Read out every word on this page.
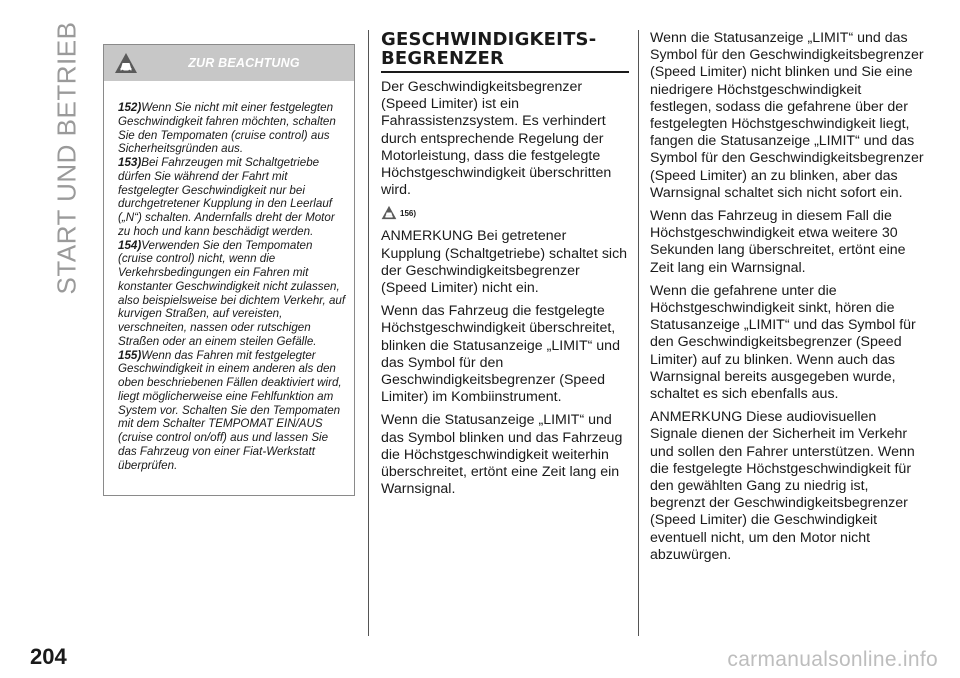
START UND BETRIEB	ZUR BEACHTUNG

152)Wenn Sie nicht mit einer festgelegten Geschwindigkeit fahren möchten, schalten Sie den Tempomaten (cruise control) aus Sicherheitsgründen aus.

153)Bei Fahrzeugen mit Schaltgetriebe dürfen Sie während der Fahrt mit festgelegter Geschwindigkeit nur bei durchgetretener Kupplung in den Leerlauf („N“) schalten. Andernfalls dreht der Motor zu hoch und kann beschädigt werden.

154)Verwenden Sie den Tempomaten (cruise control) nicht, wenn die Verkehrsbedingungen ein Fahren mit konstanter Geschwindigkeit nicht zulassen, also beispielsweise bei dichtem Verkehr, auf kurvigen Straßen, auf vereisten, verschneiten, nassen oder rutschigen Straßen oder an einem steilen Gefälle.

155)Wenn das Fahren mit festgelegter Geschwindigkeit in einem anderen als den oben beschriebenen Fällen deaktiviert wird, liegt möglicherweise eine Fehlfunktion am System vor. Schalten Sie den Tempomaten mit dem Schalter TEMPOMAT EIN/AUS (cruise control on/off) aus und lassen Sie das Fahrzeug von einer Fiat-Werkstatt überprüfen.

GESCHWINDIGKEITS-
BEGRENZER

Der Geschwindigkeitsbegrenzer (Speed Limiter) ist ein Fahrassistenzsystem. Es verhindert durch entsprechende Regelung der Motorleistung, dass die festgelegte Höchstgeschwindigkeit überschritten wird.

156)

ANMERKUNG Bei getretener Kupplung (Schaltgetriebe) schaltet sich der Geschwindigkeitsbegrenzer (Speed Limiter) nicht ein.

Wenn das Fahrzeug die festgelegte Höchstgeschwindigkeit überschreitet, blinken die Statusanzeige „LIMIT“ und das Symbol für den Geschwindigkeitsbegrenzer (Speed Limiter) im Kombiinstrument.

Wenn die Statusanzeige „LIMIT“ und das Symbol blinken und das Fahrzeug die Höchstgeschwindigkeit weiterhin überschreitet, ertönt eine Zeit lang ein Warnsignal.

Wenn die Statusanzeige „LIMIT“ und das Symbol für den Geschwindigkeitsbegrenzer (Speed Limiter) nicht blinken und Sie eine niedrigere Höchstgeschwindigkeit festlegen, sodass die gefahrene über der festgelegten Höchstgeschwindigkeit liegt, fangen die Statusanzeige „LIMIT“ und das Symbol für den Geschwindigkeitsbegrenzer (Speed Limiter) an zu blinken, aber das Warnsignal schaltet sich nicht sofort ein.

Wenn das Fahrzeug in diesem Fall die Höchstgeschwindigkeit etwa weitere 30 Sekunden lang überschreitet, ertönt eine Zeit lang ein Warnsignal.

Wenn die gefahrene unter die Höchstgeschwindigkeit sinkt, hören die Statusanzeige „LIMIT“ und das Symbol für den Geschwindigkeitsbegrenzer (Speed Limiter) auf zu blinken. Wenn auch das Warnsignal bereits ausgegeben wurde, schaltet es sich ebenfalls aus.

ANMERKUNG Diese audiovisuellen Signale dienen der Sicherheit im Verkehr und sollen den Fahrer unterstützen. Wenn die festgelegte Höchstgeschwindigkeit für den gewählten Gang zu niedrig ist, begrenzt der Geschwindigkeitsbegrenzer (Speed Limiter) die Geschwindigkeit eventuell nicht, um den Motor nicht abzuwürgen.

204	carmanualsonline.info
